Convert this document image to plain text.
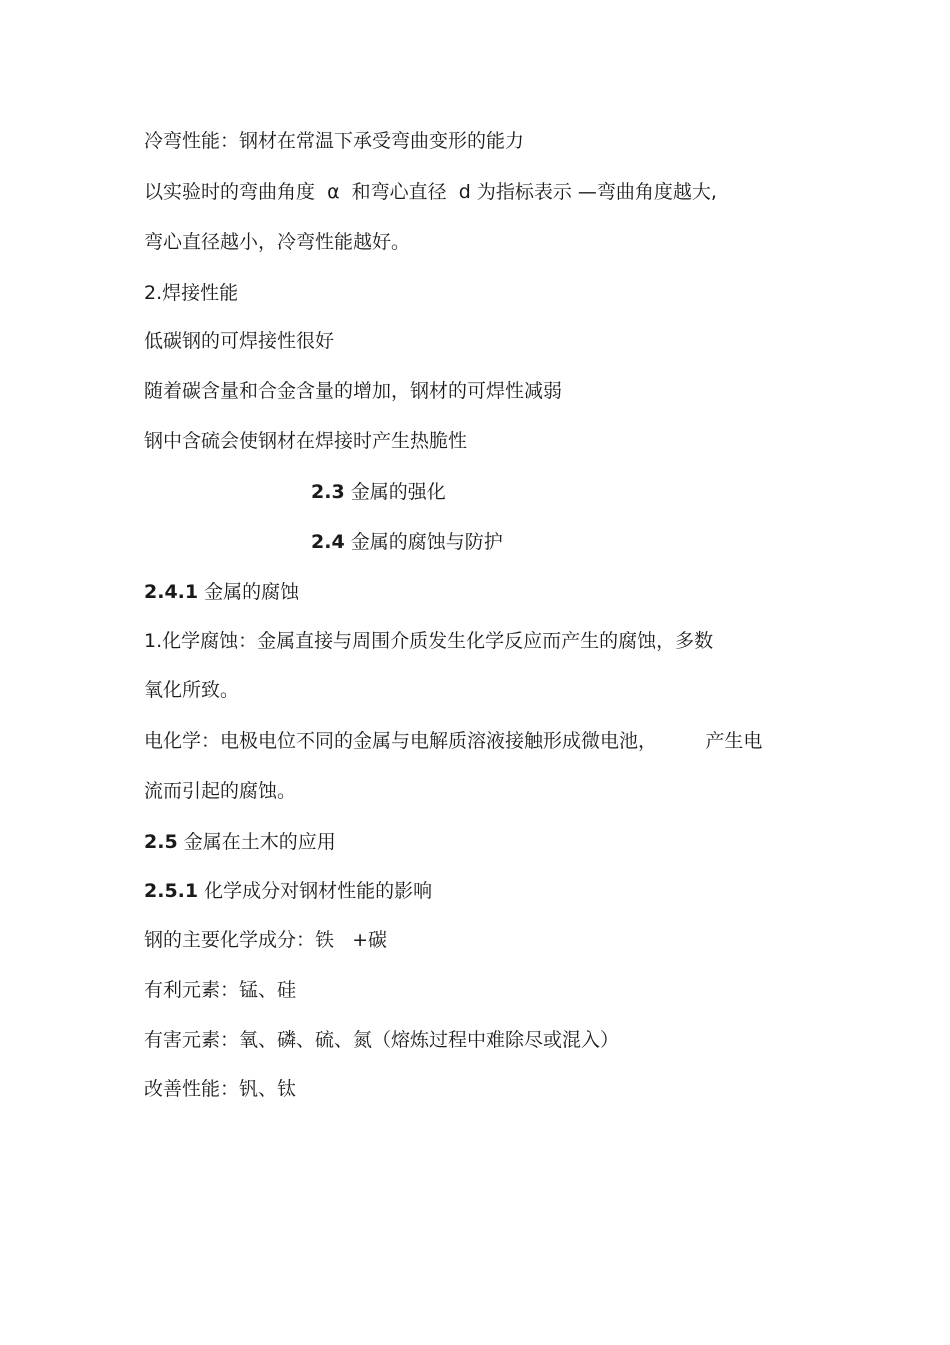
冷弯性能：钢材在常温下承受弯曲变形的能力
以实验时的弯曲角度  α  和弯心直径  d 为指标表示 —弯曲角度越大,
弯心直径越小，冷弯性能越好。
2.焊接性能
低碳钢的可焊接性很好
随着碳含量和合金含量的增加，钢材的可焊性减弱
钢中含硫会使钢材在焊接时产生热脆性
2.3 金属的强化
2.4 金属的腐蚀与防护
2.4.1 金属的腐蚀
1.化学腐蚀：金属直接与周围介质发生化学反应而产生的腐蚀，多数
氧化所致。
电化学：电极电位不同的金属与电解质溶液接触形成微电池，        产生电
流而引起的腐蚀。
2.5 金属在土木的应用
2.5.1 化学成分对钢材性能的影响
钢的主要化学成分：铁   +碳
有利元素：锰、硅
有害元素：氧、磷、硫、氮（熔炼过程中难除尽或混入）
改善性能：钒、钛
